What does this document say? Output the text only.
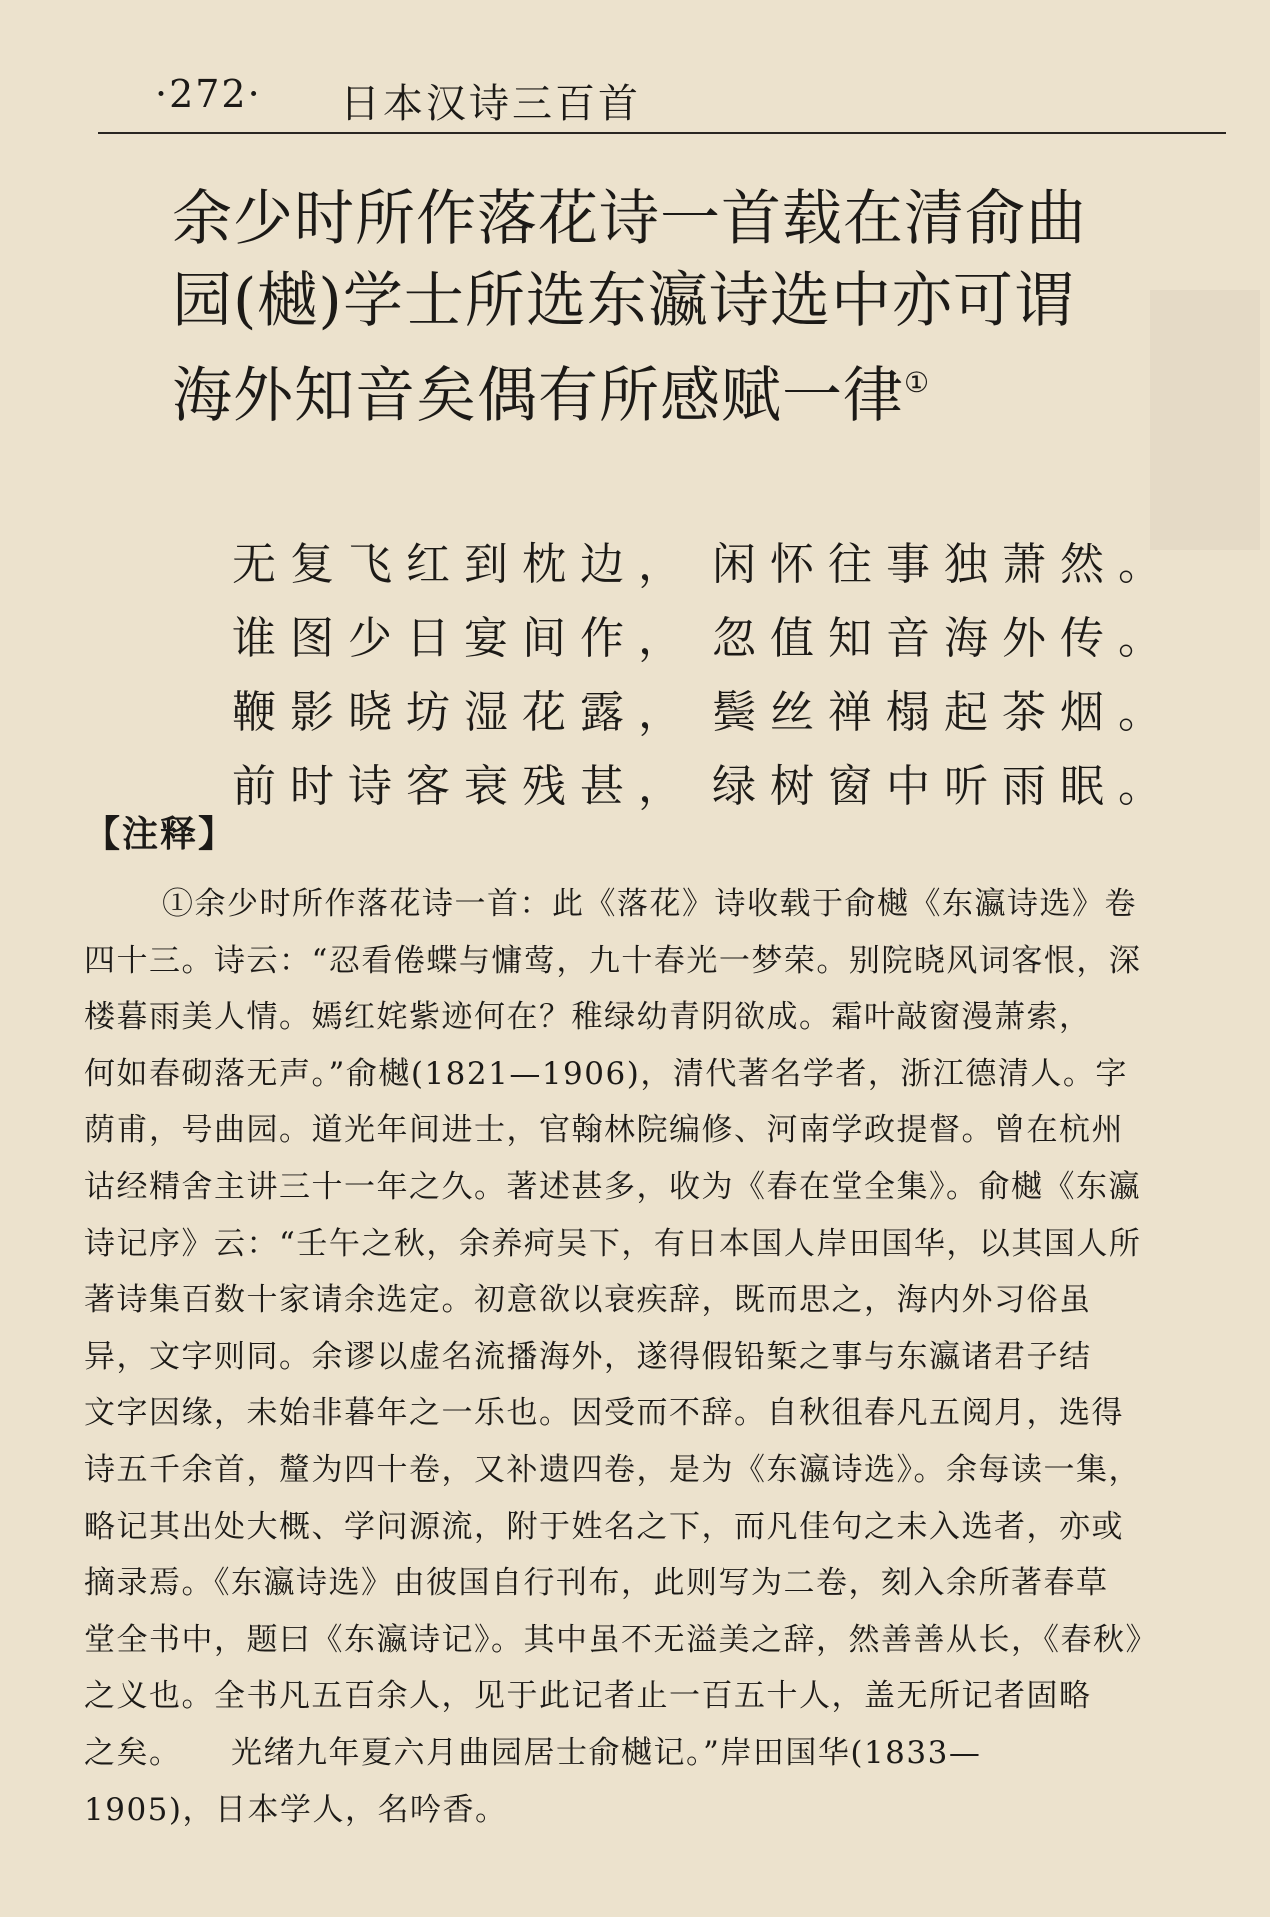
·272· 日本汉诗三百首
余少时所作落花诗一首载在清俞曲
园(樾)学士所选东瀛诗选中亦可谓
海外知音矣偶有所感赋一律①
无复飞红到枕边， 闲怀往事独萧然。
谁图少日宴间作， 忽值知音海外传。
鞭影晓坊湿花露， 鬓丝禅榻起茶烟。
前时诗客衰残甚， 绿树窗中听雨眠。
【注释】
①余少时所作落花诗一首：此《落花》诗收载于俞樾《东瀛诗选》卷
四十三。诗云：“忍看倦蝶与慵莺，九十春光一梦荣。别院晓风词客恨，深
楼暮雨美人情。嫣红姹紫迹何在？稚绿幼青阴欲成。霜叶敲窗漫萧索，
何如春砌落无声。”俞樾(1821—1906)，清代著名学者，浙江德清人。字
荫甫，号曲园。道光年间进士，官翰林院编修、河南学政提督。曾在杭州
诂经精舍主讲三十一年之久。著述甚多，收为《春在堂全集》。俞樾《东瀛
诗记序》云：“壬午之秋，余养疴吴下，有日本国人岸田国华，以其国人所
著诗集百数十家请余选定。初意欲以衰疾辞，既而思之，海内外习俗虽
异，文字则同。余谬以虚名流播海外，遂得假铅椠之事与东瀛诸君子结
文字因缘，未始非暮年之一乐也。因受而不辞。自秋徂春凡五阅月，选得
诗五千余首，釐为四十卷，又补遗四卷，是为《东瀛诗选》。余每读一集，
略记其出处大概、学问源流，附于姓名之下，而凡佳句之未入选者，亦或
摘录焉。《东瀛诗选》由彼国自行刊布，此则写为二卷，刻入余所著春草
堂全书中，题曰《东瀛诗记》。其中虽不无溢美之辞，然善善从长，《春秋》
之义也。全书凡五百余人，见于此记者止一百五十人，盖无所记者固略
之矣。　　光绪九年夏六月曲园居士俞樾记。”岸田国华(1833—
1905)，日本学人，名吟香。
